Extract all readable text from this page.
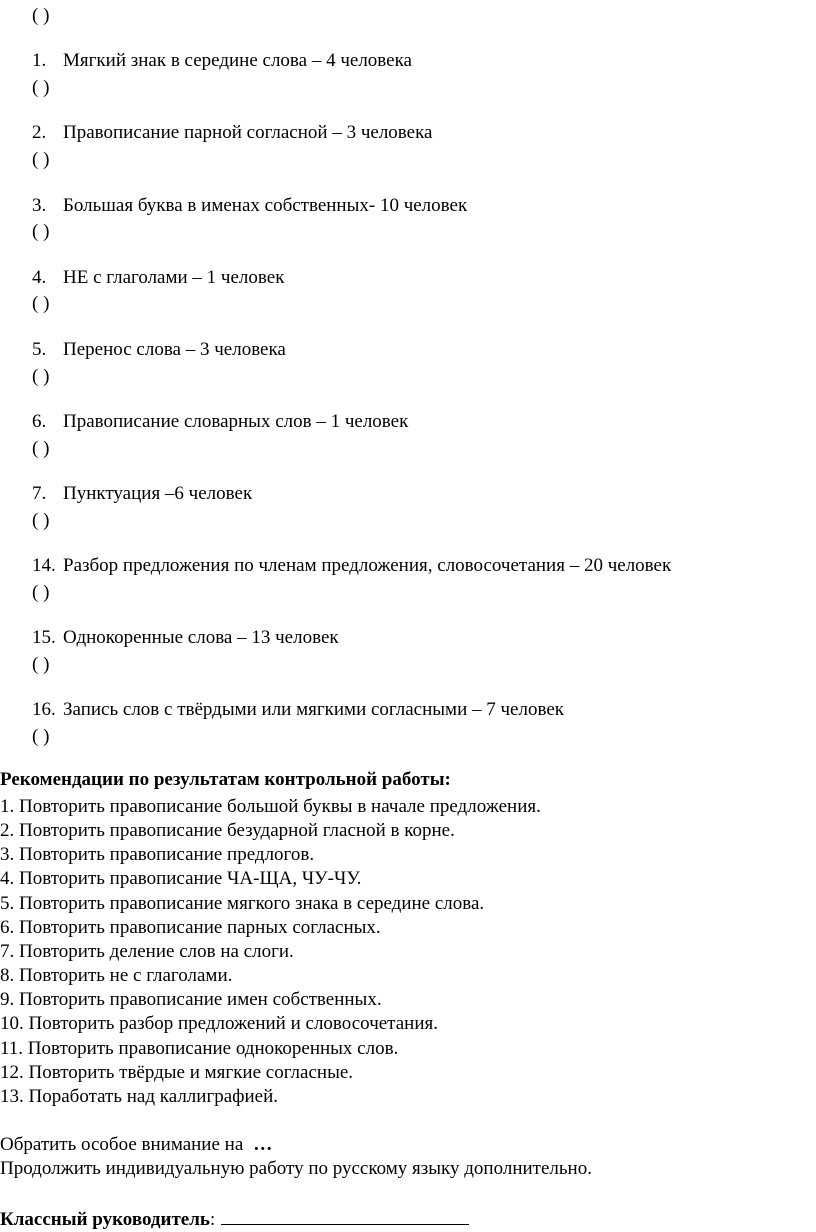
( )
1. Мягкий знак в середине слова – 4 человека
( )
2. Правописание парной согласной – 3 человека
( )
3. Большая буква в именах собственных- 10 человек
( )
4. НЕ с глаголами – 1 человек
( )
5. Перенос слова – 3 человека
( )
6. Правописание словарных слов – 1 человек
( )
7. Пунктуация –6 человек
( )
14. Разбор предложения по членам предложения, словосочетания – 20 человек
( )
15. Однокоренные слова – 13 человек
( )
16. Запись слов с твёрдыми или мягкими согласными – 7 человек
( )
Рекомендации по результатам контрольной работы:
1. Повторить правописание большой буквы в начале предложения.
2. Повторить правописание безударной гласной в корне.
3. Повторить правописание предлогов.
4. Повторить правописание ЧА-ЩА, ЧУ-ЧУ.
5. Повторить правописание мягкого знака в середине слова.
6. Повторить правописание парных согласных.
7. Повторить деление слов на слоги.
8. Повторить не с глаголами.
9. Повторить правописание имен собственных.
10. Повторить разбор предложений и словосочетания.
11. Повторить правописание однокоренных слов.
12. Повторить твёрдые и мягкие согласные.
13. Поработать над каллиграфией.
Обратить особое внимание на …
Продолжить индивидуальную работу по русскому языку дополнительно.
Классный руководитель:
